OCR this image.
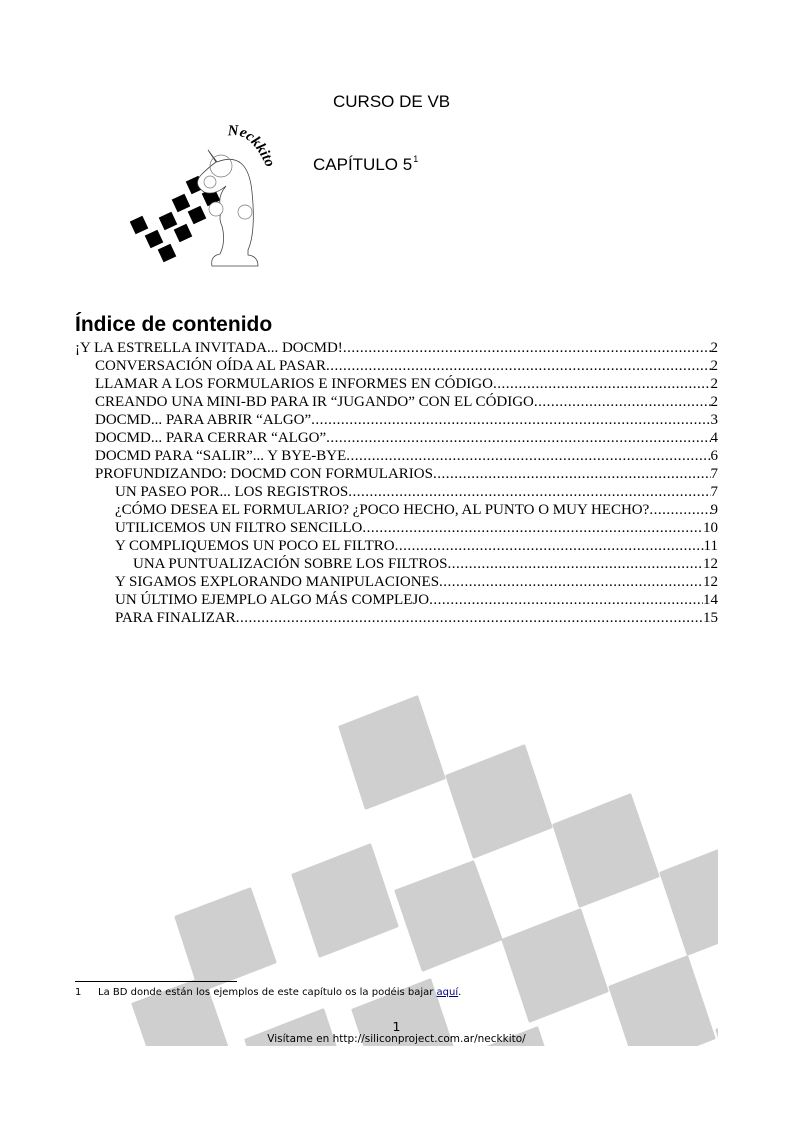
Neckkito
CURSO DE VB
CAPÍTULO $5^1$
Índice de contenido
¡Y LA ESTRELLA INVITADA... DOCMD! .....	2
CONVERSACIÓN OÍDA AL PASAR .....	2
LLAMAR A LOS FORMULARIOS E INFORMES EN CÓDIGO .....	2
CREANDO UNA MINI-BD PARA IR “JUGANDO” CON EL CÓDIGO .....	2
DOCMD... PARA ABRIR “ALGO” .....	3
DOCMD... PARA CERRAR “ALGO” .....	4
DOCMD PARA “SALIR”... Y BYE-BYE .....	6
PROFUNDIZANDO: DOCMD CON FORMULARIOS .....	7
UN PASEO POR... LOS REGISTROS .....	7
¿CÓMO DESEA EL FORMULARIO? ¿POCO HECHO, AL PUNTO O MUY HECHO? .....	9
UTILICEMOS UN FILTRO SENCILLO .....	10
Y COMPLIQUEMOS UN POCO EL FILTRO .....	11
UNA PUNTUALIZACIÓN SOBRE LOS FILTROS .....	12
Y SIGAMOS EXPLORANDO MANIPULACIONES .....	12
UN ÚLTIMO EJEMPLO ALGO MÁS COMPLEJO .....	14
PARA FINALIZAR .....	15
1 La BD donde están los ejemplos de este capítulo os la podéis bajar aquí.
1
Visítame en http://siliconproject.com.ar/neckkito/
